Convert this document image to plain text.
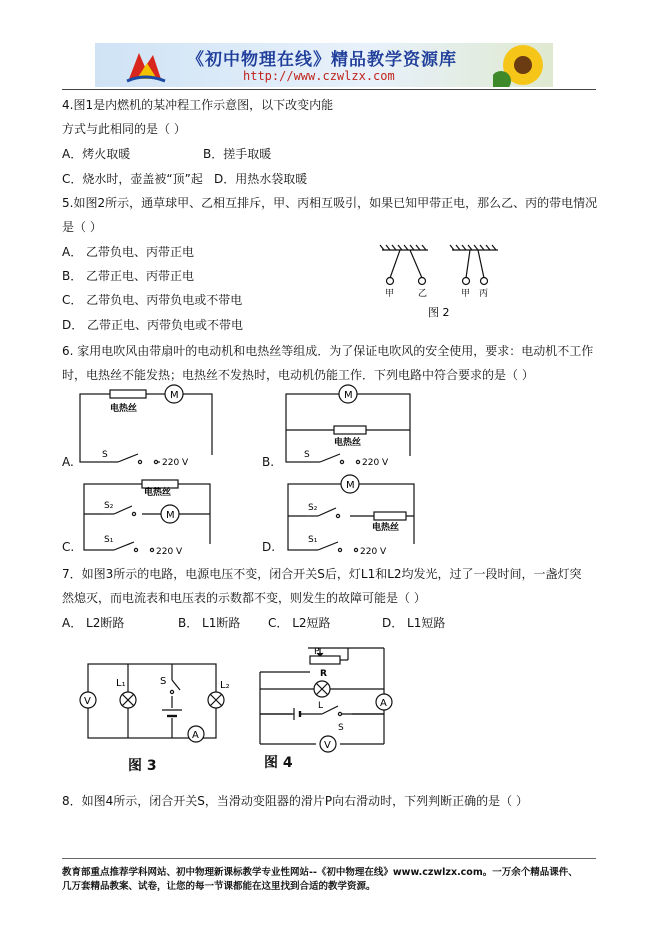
《初中物理在线》精品教学资源库
http://www.czwlzx.com
4.图1是内燃机的某冲程工作示意图，以下改变内能
方式与此相同的是（ ）
A．烤火取暖	B．搓手取暖
C．烧水时，壶盖被“顶”起 D．用热水袋取暖
5.如图2所示，通草球甲、乙相互排斥，甲、丙相互吸引，如果已知甲带正电，那么乙、丙的带电情况
是（ ）
A． 乙带负电、丙带正电
B． 乙带正电、丙带正电
C． 乙带负电、丙带负电或不带电
D． 乙带正电、丙带负电或不带电
甲	乙	甲 丙
图 2
6. 家用电吹风由带扇叶的电动机和电热丝等组成．为了保证电吹风的安全使用，要求：电动机不工作
时，电热丝不能发热；电热丝不发热时，电动机仍能工作．下列电路中符合要求的是（ ）
电热丝
M
S
220 V
A.
M
电热丝
S
220 V
B.
电热丝
M
S₂
S₁
220 V
C.
M
S₂
电热丝
S₁
220 V
D.
7．如图3所示的电路，电源电压不变，闭合开关S后，灯L1和L2均发光，过了一段时间，一盏灯突
然熄灭，而电流表和电压表的示数都不变，则发生的故障可能是（ ）
A． L2断路	B． L1断路 C． L2短路	D． L1短路
V
L₁	S	L₂
A
图 3
P
R
L
S
A
V
图 4
8．如图4所示，闭合开关S，当滑动变阻器的滑片P向右滑动时，下列判断正确的是（ ）
教育部重点推荐学科网站、初中物理新课标教学专业性网站--《初中物理在线》www.czwlzx.com。一万余个精品课件、
几万套精品教案、试卷，让您的每一节课都能在这里找到合适的教学资源。
